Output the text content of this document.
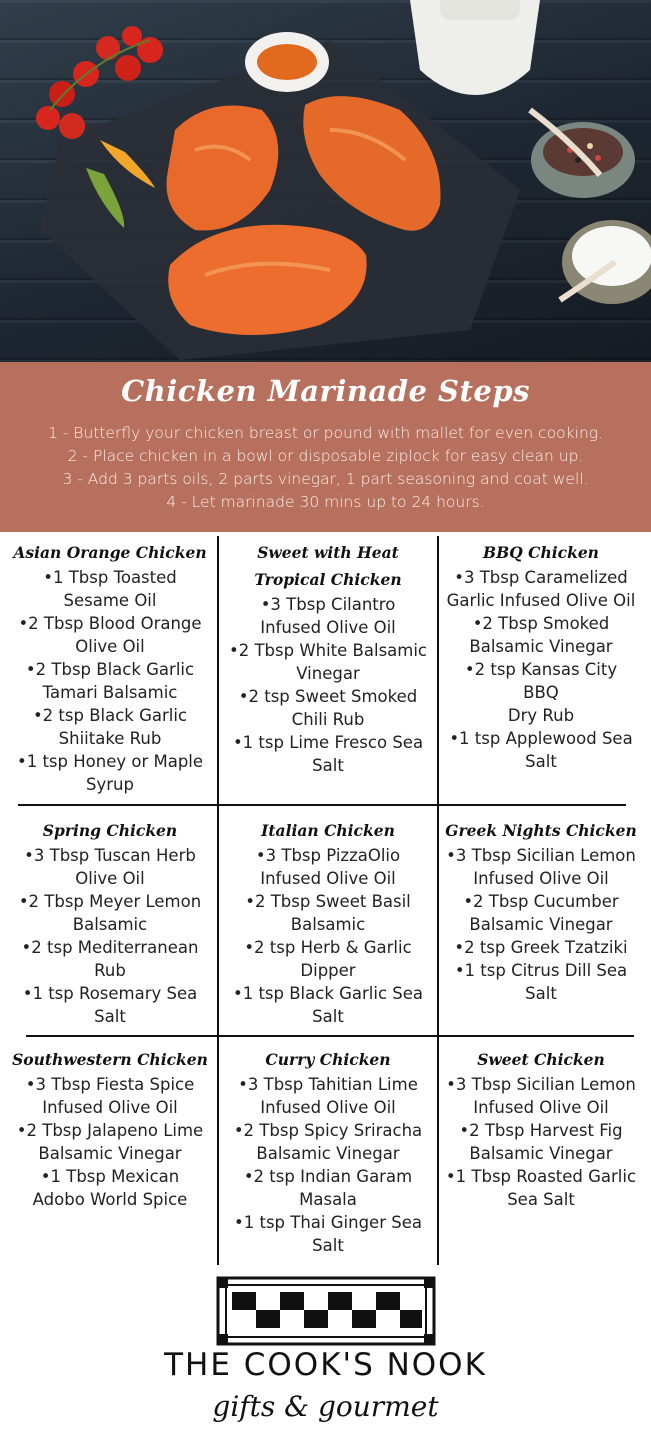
Chicken Marinade Steps
1 - Butterfly your chicken breast or pound with mallet for even cooking.
2 - Place chicken in a bowl or disposable ziplock for easy clean up.
3 - Add 3 parts oils, 2 parts vinegar, 1 part seasoning and coat well.
4 - Let marinade 30 mins up to 24 hours.
Asian Orange Chicken
•1 Tbsp Toasted
Sesame Oil
•2 Tbsp Blood Orange
Olive Oil
•2 Tbsp Black Garlic
Tamari Balsamic
•2 tsp Black Garlic
Shiitake Rub
•1 tsp Honey or Maple
Syrup
Sweet with Heat Tropical Chicken
•3 Tbsp Cilantro
Infused Olive Oil
•2 Tbsp White Balsamic
Vinegar
•2 tsp Sweet Smoked
Chili Rub
•1 tsp Lime Fresco Sea
Salt
BBQ Chicken
•3 Tbsp Caramelized
Garlic Infused Olive Oil
•2 Tbsp Smoked
Balsamic Vinegar
•2 tsp Kansas City BBQ
Dry Rub
•1 tsp Applewood Sea
Salt
Spring Chicken
•3 Tbsp Tuscan Herb
Olive Oil
•2 Tbsp Meyer Lemon
Balsamic
•2 tsp Mediterranean
Rub
•1 tsp Rosemary Sea
Salt
Italian Chicken
•3 Tbsp PizzaOlio
Infused Olive Oil
•2 Tbsp Sweet Basil
Balsamic
•2 tsp Herb & Garlic
Dipper
•1 tsp Black Garlic Sea
Salt
Greek Nights Chicken
•3 Tbsp Sicilian Lemon
Infused Olive Oil
•2 Tbsp Cucumber
Balsamic Vinegar
•2 tsp Greek Tzatziki
•1 tsp Citrus Dill Sea
Salt
Southwestern Chicken
•3 Tbsp Fiesta Spice
Infused Olive Oil
•2 Tbsp Jalapeno Lime
Balsamic Vinegar
•1 Tbsp Mexican
Adobo World Spice
Curry Chicken
•3 Tbsp Tahitian Lime
Infused Olive Oil
•2 Tbsp Spicy Sriracha
Balsamic Vinegar
•2 tsp Indian Garam
Masala
•1 tsp Thai Ginger Sea
Salt
Sweet Chicken
•3 Tbsp Sicilian Lemon
Infused Olive Oil
•2 Tbsp Harvest Fig
Balsamic Vinegar
•1 Tbsp Roasted Garlic
Sea Salt
THE COOK'S NOOK
gifts & gourmet
